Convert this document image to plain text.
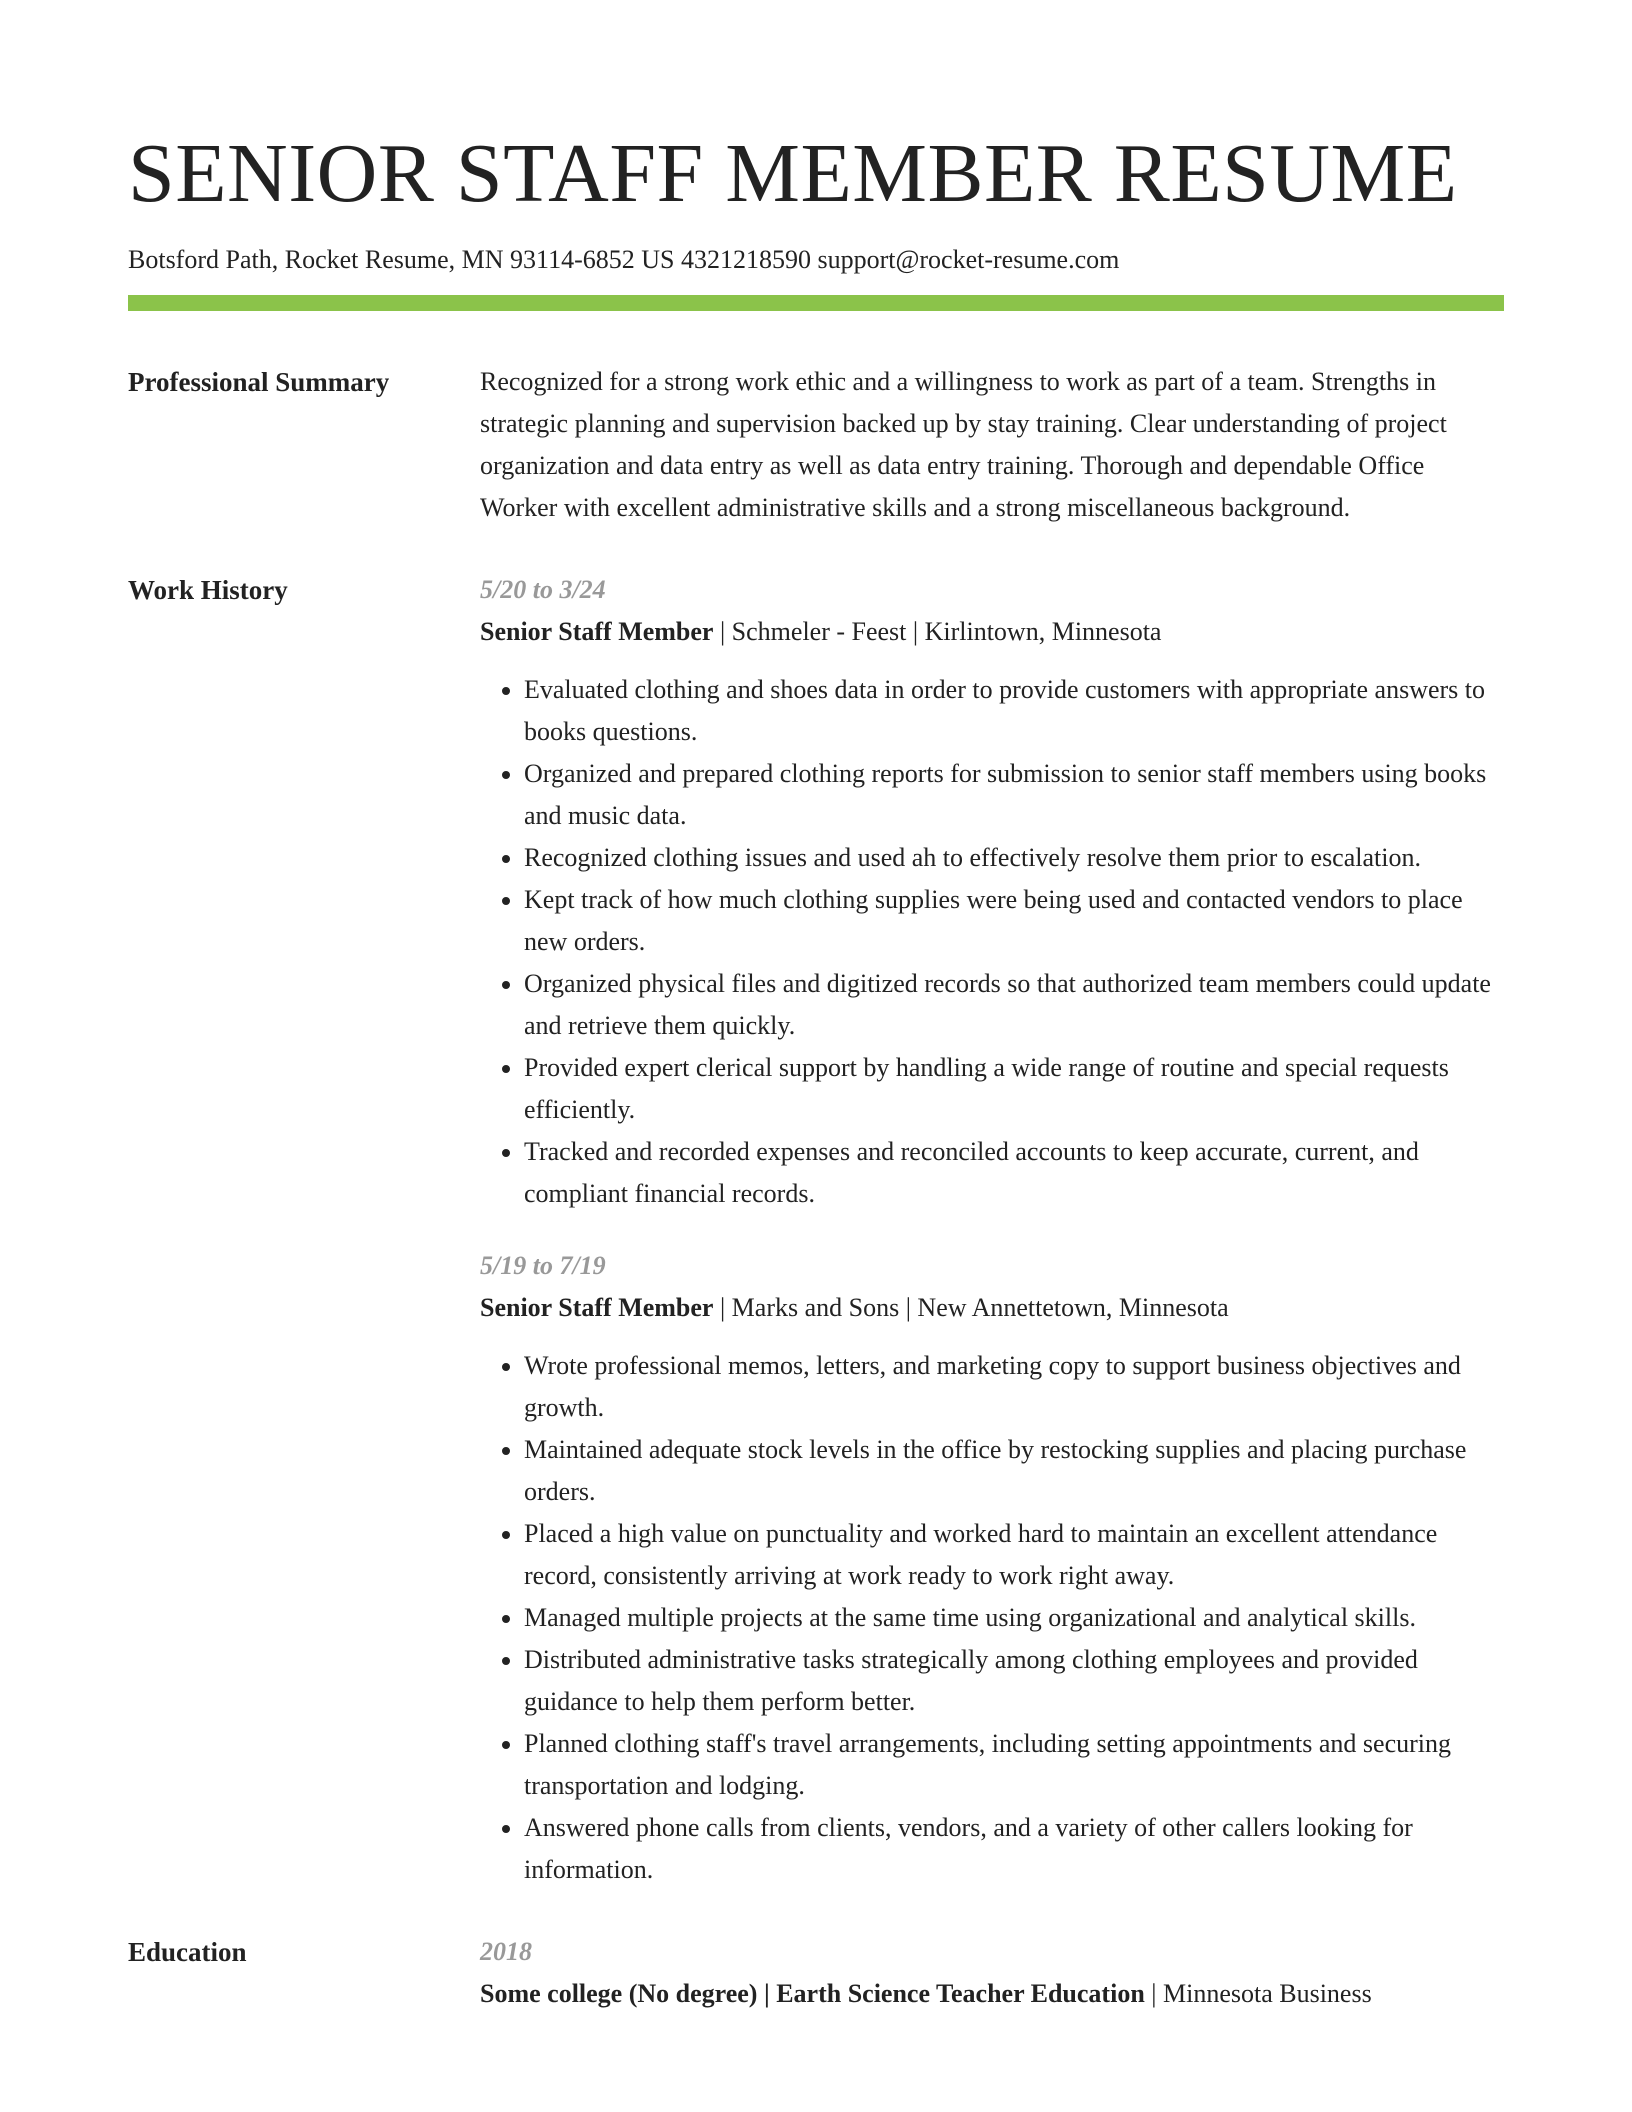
SENIOR STAFF MEMBER RESUME
Botsford Path, Rocket Resume, MN 93114-6852 US 4321218590 support@rocket-resume.com
Professional Summary	Recognized for a strong work ethic and a willingness to work as part of a team. Strengths in strategic planning and supervision backed up by stay training. Clear understanding of project organization and data entry as well as data entry training. Thorough and dependable Office Worker with excellent administrative skills and a strong miscellaneous background.

Work History	5/20 to 3/24
Senior Staff Member | Schmeler - Feest | Kirlintown, Minnesota
• Evaluated clothing and shoes data in order to provide customers with appropriate answers to books questions.
• Organized and prepared clothing reports for submission to senior staff members using books and music data.
• Recognized clothing issues and used ah to effectively resolve them prior to escalation.
• Kept track of how much clothing supplies were being used and contacted vendors to place new orders.
• Organized physical files and digitized records so that authorized team members could update and retrieve them quickly.
• Provided expert clerical support by handling a wide range of routine and special requests efficiently.
• Tracked and recorded expenses and reconciled accounts to keep accurate, current, and compliant financial records.
5/19 to 7/19
Senior Staff Member | Marks and Sons | New Annettetown, Minnesota
• Wrote professional memos, letters, and marketing copy to support business objectives and growth.
• Maintained adequate stock levels in the office by restocking supplies and placing purchase orders.
• Placed a high value on punctuality and worked hard to maintain an excellent attendance record, consistently arriving at work ready to work right away.
• Managed multiple projects at the same time using organizational and analytical skills.
• Distributed administrative tasks strategically among clothing employees and provided guidance to help them perform better.
• Planned clothing staff's travel arrangements, including setting appointments and securing transportation and lodging.
• Answered phone calls from clients, vendors, and a variety of other callers looking for information.
Education	2018
Some college (No degree) | Earth Science Teacher Education | Minnesota Business
